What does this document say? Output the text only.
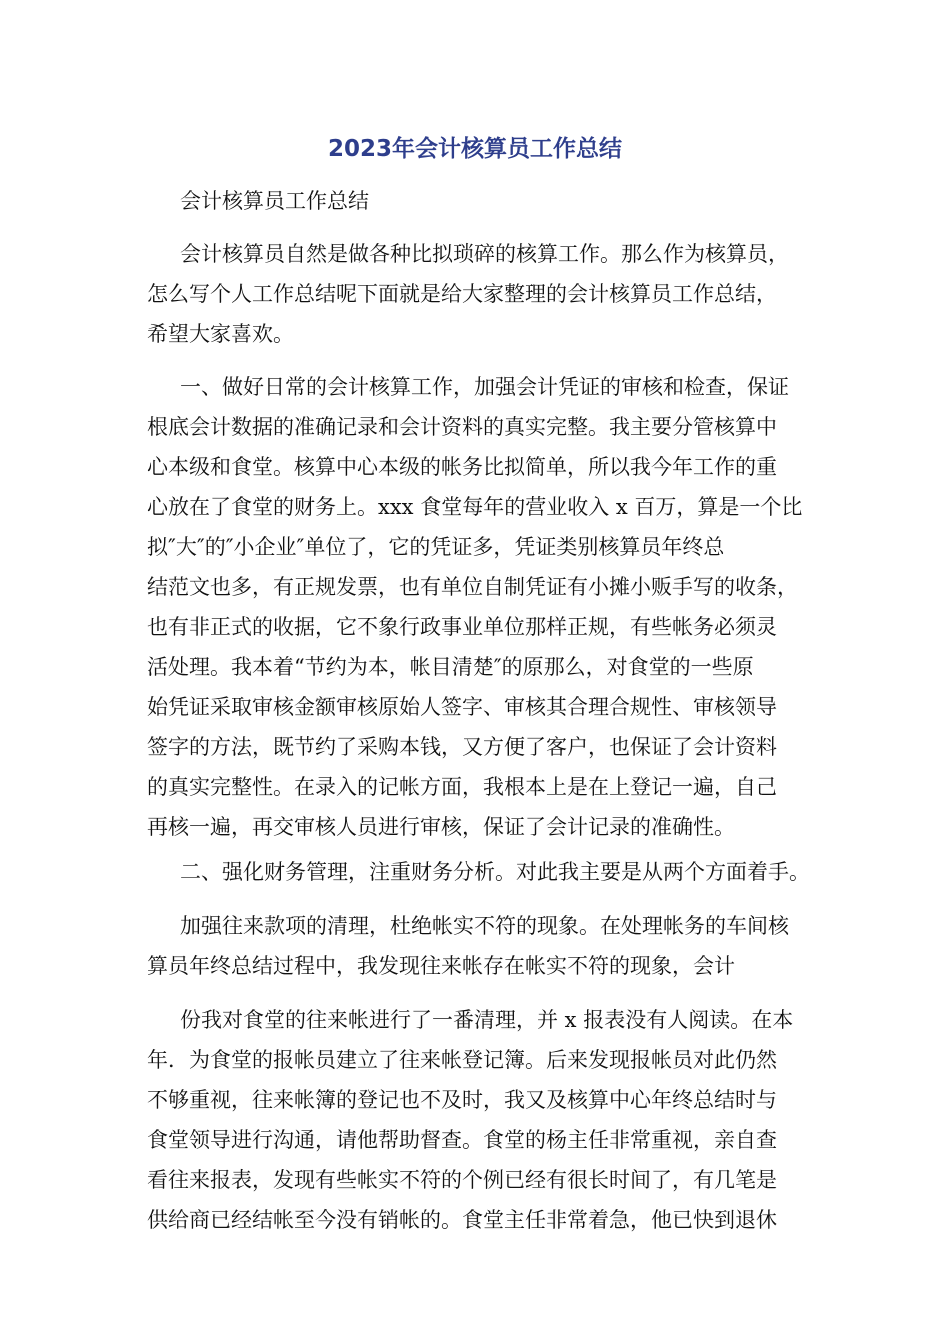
2023年会计核算员工作总结
会计核算员工作总结
会计核算员自然是做各种比拟琐碎的核算工作。那么作为核算员，
怎么写个人工作总结呢下面就是给大家整理的会计核算员工作总结，
希望大家喜欢。
一、做好日常的会计核算工作，加强会计凭证的审核和检查，保证
根底会计数据的准确记录和会计资料的真实完整。我主要分管核算中
心本级和食堂。核算中心本级的帐务比拟简单，所以我今年工作的重
心放在了食堂的财务上。xxx 食堂每年的营业收入 x 百万，算是一个比
拟″大″的″小企业″单位了，它的凭证多，凭证类别核算员年终总
结范文也多，有正规发票，也有单位自制凭证有小摊小贩手写的收条，
也有非正式的收据，它不象行政事业单位那样正规，有些帐务必须灵
活处理。我本着“节约为本，帐目清楚″的原那么，对食堂的一些原
始凭证采取审核金额审核原始人签字、审核其合理合规性、审核领导
签字的方法，既节约了采购本钱，又方便了客户，也保证了会计资料
的真实完整性。在录入的记帐方面，我根本上是在上登记一遍，自己
再核一遍，再交审核人员进行审核，保证了会计记录的准确性。
二、强化财务管理，注重财务分析。对此我主要是从两个方面着手。
加强往来款项的清理，杜绝帐实不符的现象。在处理帐务的车间核
算员年终总结过程中，我发现往来帐存在帐实不符的现象，会计
份我对食堂的往来帐进行了一番清理，并 x 报表没有人阅读。在本
年．为食堂的报帐员建立了往来帐登记簿。后来发现报帐员对此仍然
不够重视，往来帐簿的登记也不及时，我又及核算中心年终总结时与
食堂领导进行沟通，请他帮助督查。食堂的杨主任非常重视，亲自查
看往来报表，发现有些帐实不符的个例已经有很长时间了，有几笔是
供给商已经结帐至今没有销帐的。食堂主任非常着急，他已快到退休
